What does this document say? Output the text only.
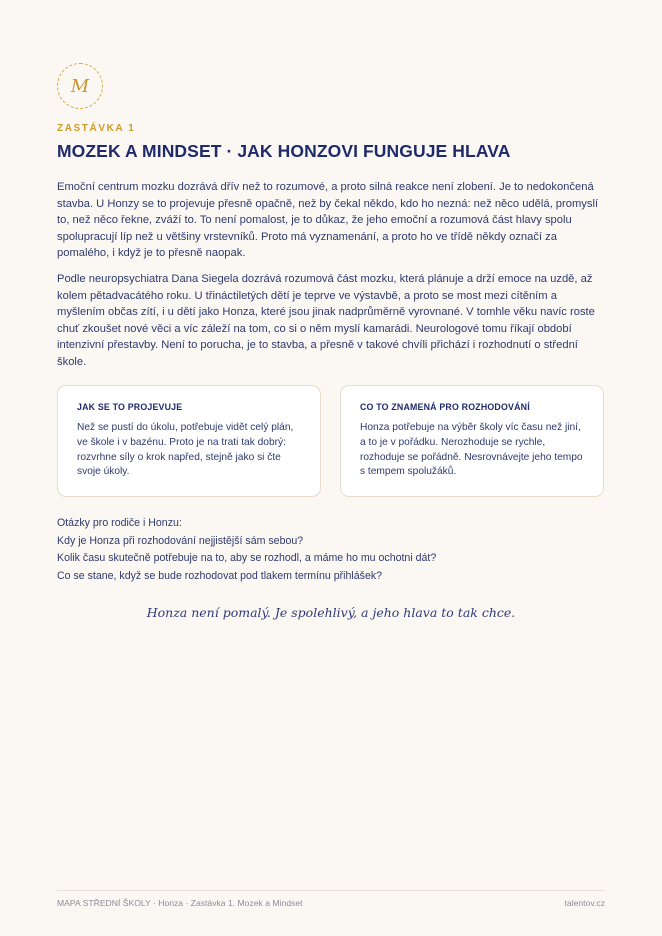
M
ZASTÁVKA 1
MOZEK A MINDSET · JAK HONZOVI FUNGUJE HLAVA

Emoční centrum mozku dozrává dřív než to rozumové, a proto silná reakce není zlobení. Je to nedokončená stavba. U Honzy se to projevuje přesně opačně, než by čekal někdo, kdo ho nezná: než něco udělá, promyslí to, než něco řekne, zváží to. To není pomalost, je to důkaz, že jeho emoční a rozumová část hlavy spolu spolupracují líp než u většiny vrstevníků. Proto má vyznamenání, a proto ho ve třídě někdy označí za pomalého, i když je to přesně naopak.

Podle neuropsychiatra Dana Siegela dozrává rozumová část mozku, která plánuje a drží emoce na uzdě, až kolem pětadvacátého roku. U třináctiletých dětí je teprve ve výstavbě, a proto se most mezi cítěním a myšlením občas zítí, i u dětí jako Honza, které jsou jinak nadprůměrně vyrovnané. V tomhle věku navíc roste chuť zkoušet nové věci a víc záleží na tom, co si o něm myslí kamarádi. Neurologové tomu říkají období intenzivní přestavby. Není to porucha, je to stavba, a přesně v takové chvíli přichází i rozhodnutí o střední škole.

JAK SE TO PROJEVUJE

Než se pustí do úkolu, potřebuje vidět celý plán, ve škole i v bazénu. Proto je na trati tak dobrý: rozvrhne síly o krok napřed, stejně jako si čte svoje úkoly.

CO TO ZNAMENÁ PRO ROZHODOVÁNÍ

Honza potřebuje na výběr školy víc času než jiní, a to je v pořádku. Nerozhoduje se rychle, rozhoduje se pořádně. Nesrovnávejte jeho tempo s tempem spolužáků.

Otázky pro rodiče i Honzu:
Kdy je Honza při rozhodování nejjistější sám sebou?
Kolik času skutečně potřebuje na to, aby se rozhodl, a máme ho mu ochotni dát?
Co se stane, když se bude rozhodovat pod tlakem termínu přihlášek?
Honza není pomalý. Je spolehlivý, a jeho hlava to tak chce.
MAPA STŘEDNÍ ŠKOLY · Honza · Zastávka 1. Mozek a Mindset	talentov.cz
